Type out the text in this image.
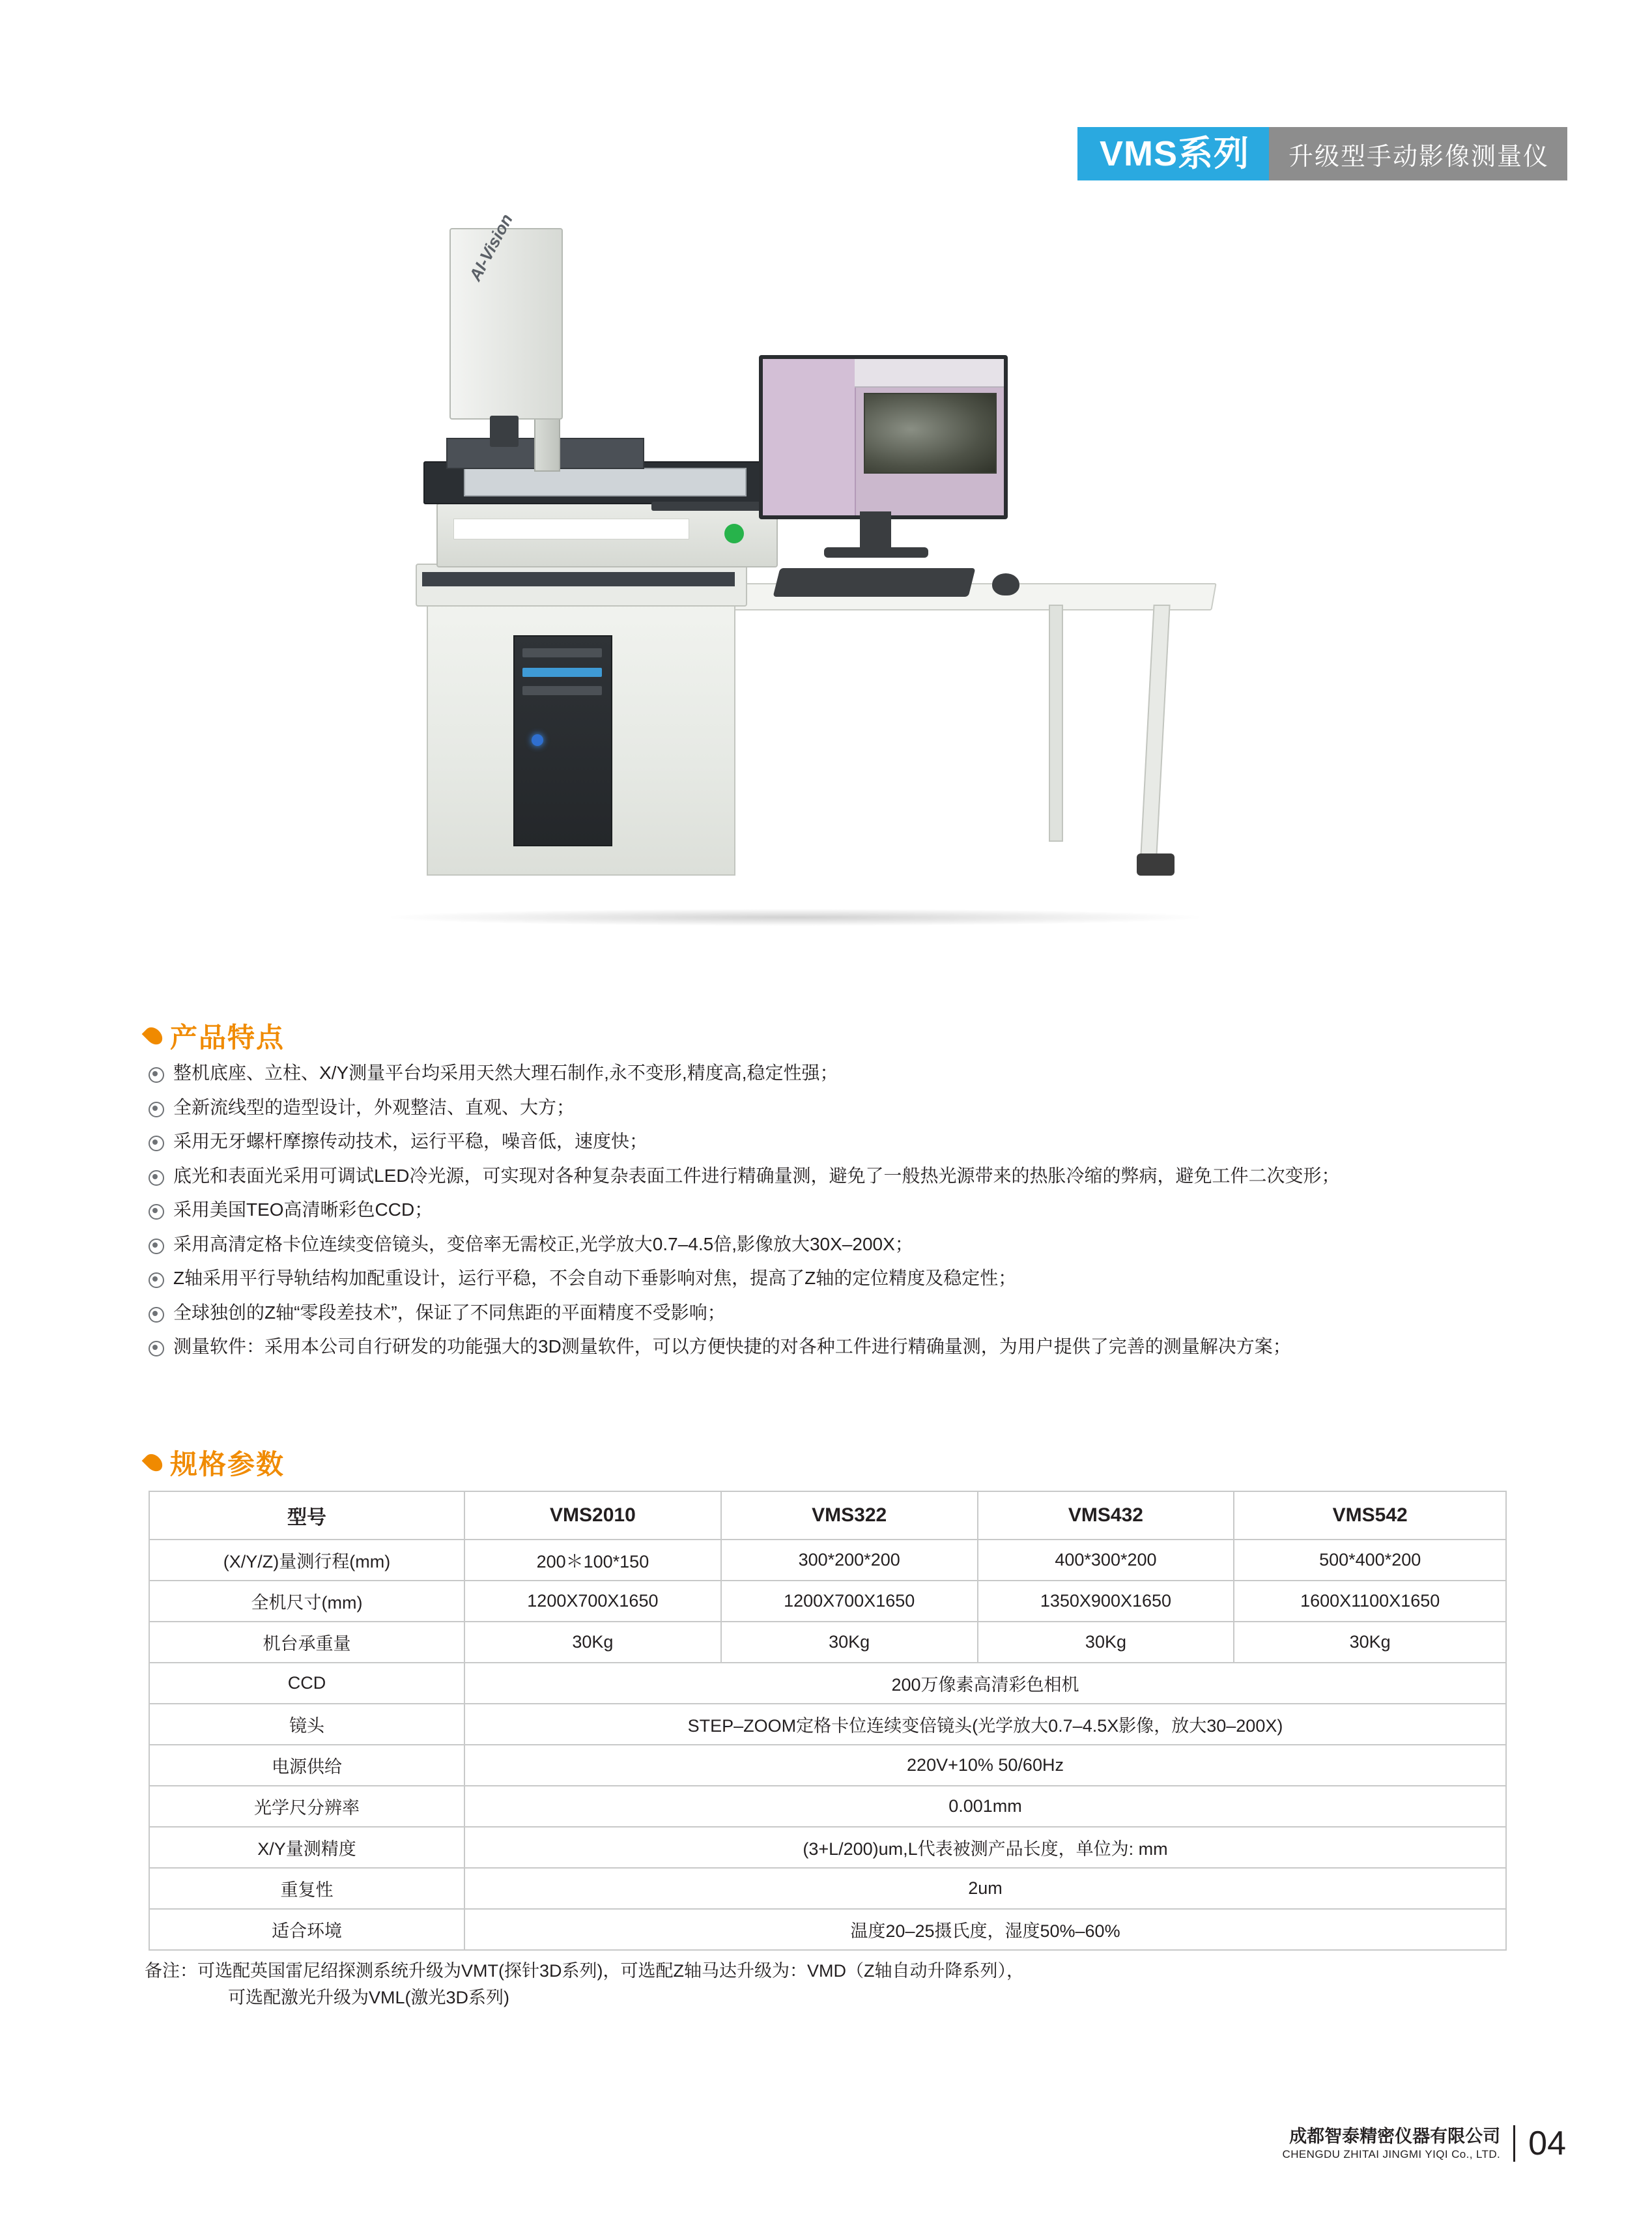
VMS系列	升级型手动影像测量仪
AI-Vision
产品特点
整机底座、立柱、X/Y测量平台均采用天然大理石制作,永不变形,精度高,稳定性强；
全新流线型的造型设计，外观整洁、直观、大方；
采用无牙螺杆摩擦传动技术，运行平稳，噪音低，速度快；
底光和表面光采用可调试LED冷光源，可实现对各种复杂表面工件进行精确量测，避免了一般热光源带来的热胀冷缩的弊病，避免工件二次变形；
采用美国TEO高清晰彩色CCD；
采用高清定格卡位连续变倍镜头，变倍率无需校正,光学放大0.7–4.5倍,影像放大30X–200X；
Z轴采用平行导轨结构加配重设计，运行平稳，不会自动下垂影响对焦，提高了Z轴的定位精度及稳定性；
全球独创的Z轴“零段差技术”，保证了不同焦距的平面精度不受影响；
测量软件：采用本公司自行研发的功能强大的3D测量软件，可以方便快捷的对各种工件进行精确量测，为用户提供了完善的测量解决方案；
规格参数
型号	VMS2010	VMS322	VMS432	VMS542
(X/Y/Z)量测行程(mm)	200＊100*150	300*200*200	400*300*200	500*400*200
全机尺寸(mm)	1200X700X1650	1200X700X1650	1350X900X1650	1600X1100X1650
机台承重量	30Kg	30Kg	30Kg	30Kg
CCD	200万像素高清彩色相机			
镜头	STEP–ZOOM定格卡位连续变倍镜头(光学放大0.7–4.5X影像，放大30–200X)			
电源供给	220V+10% 50/60Hz			
光学尺分辨率	0.001mm			
X/Y量测精度	(3+L/200)um,L代表被测产品长度，单位为: mm			
重复性	2um			
适合环境	温度20–25摄氏度，湿度50%–60%			
备注：可选配英国雷尼绍探测系统升级为VMT(探针3D系列)，可选配Z轴马达升级为：VMD（Z轴自动升降系列），
可选配激光升级为VML(激光3D系列)
成都智泰精密仪器有限公司
CHENGDU ZHITAI JINGMI YIQI Co., LTD. 04
